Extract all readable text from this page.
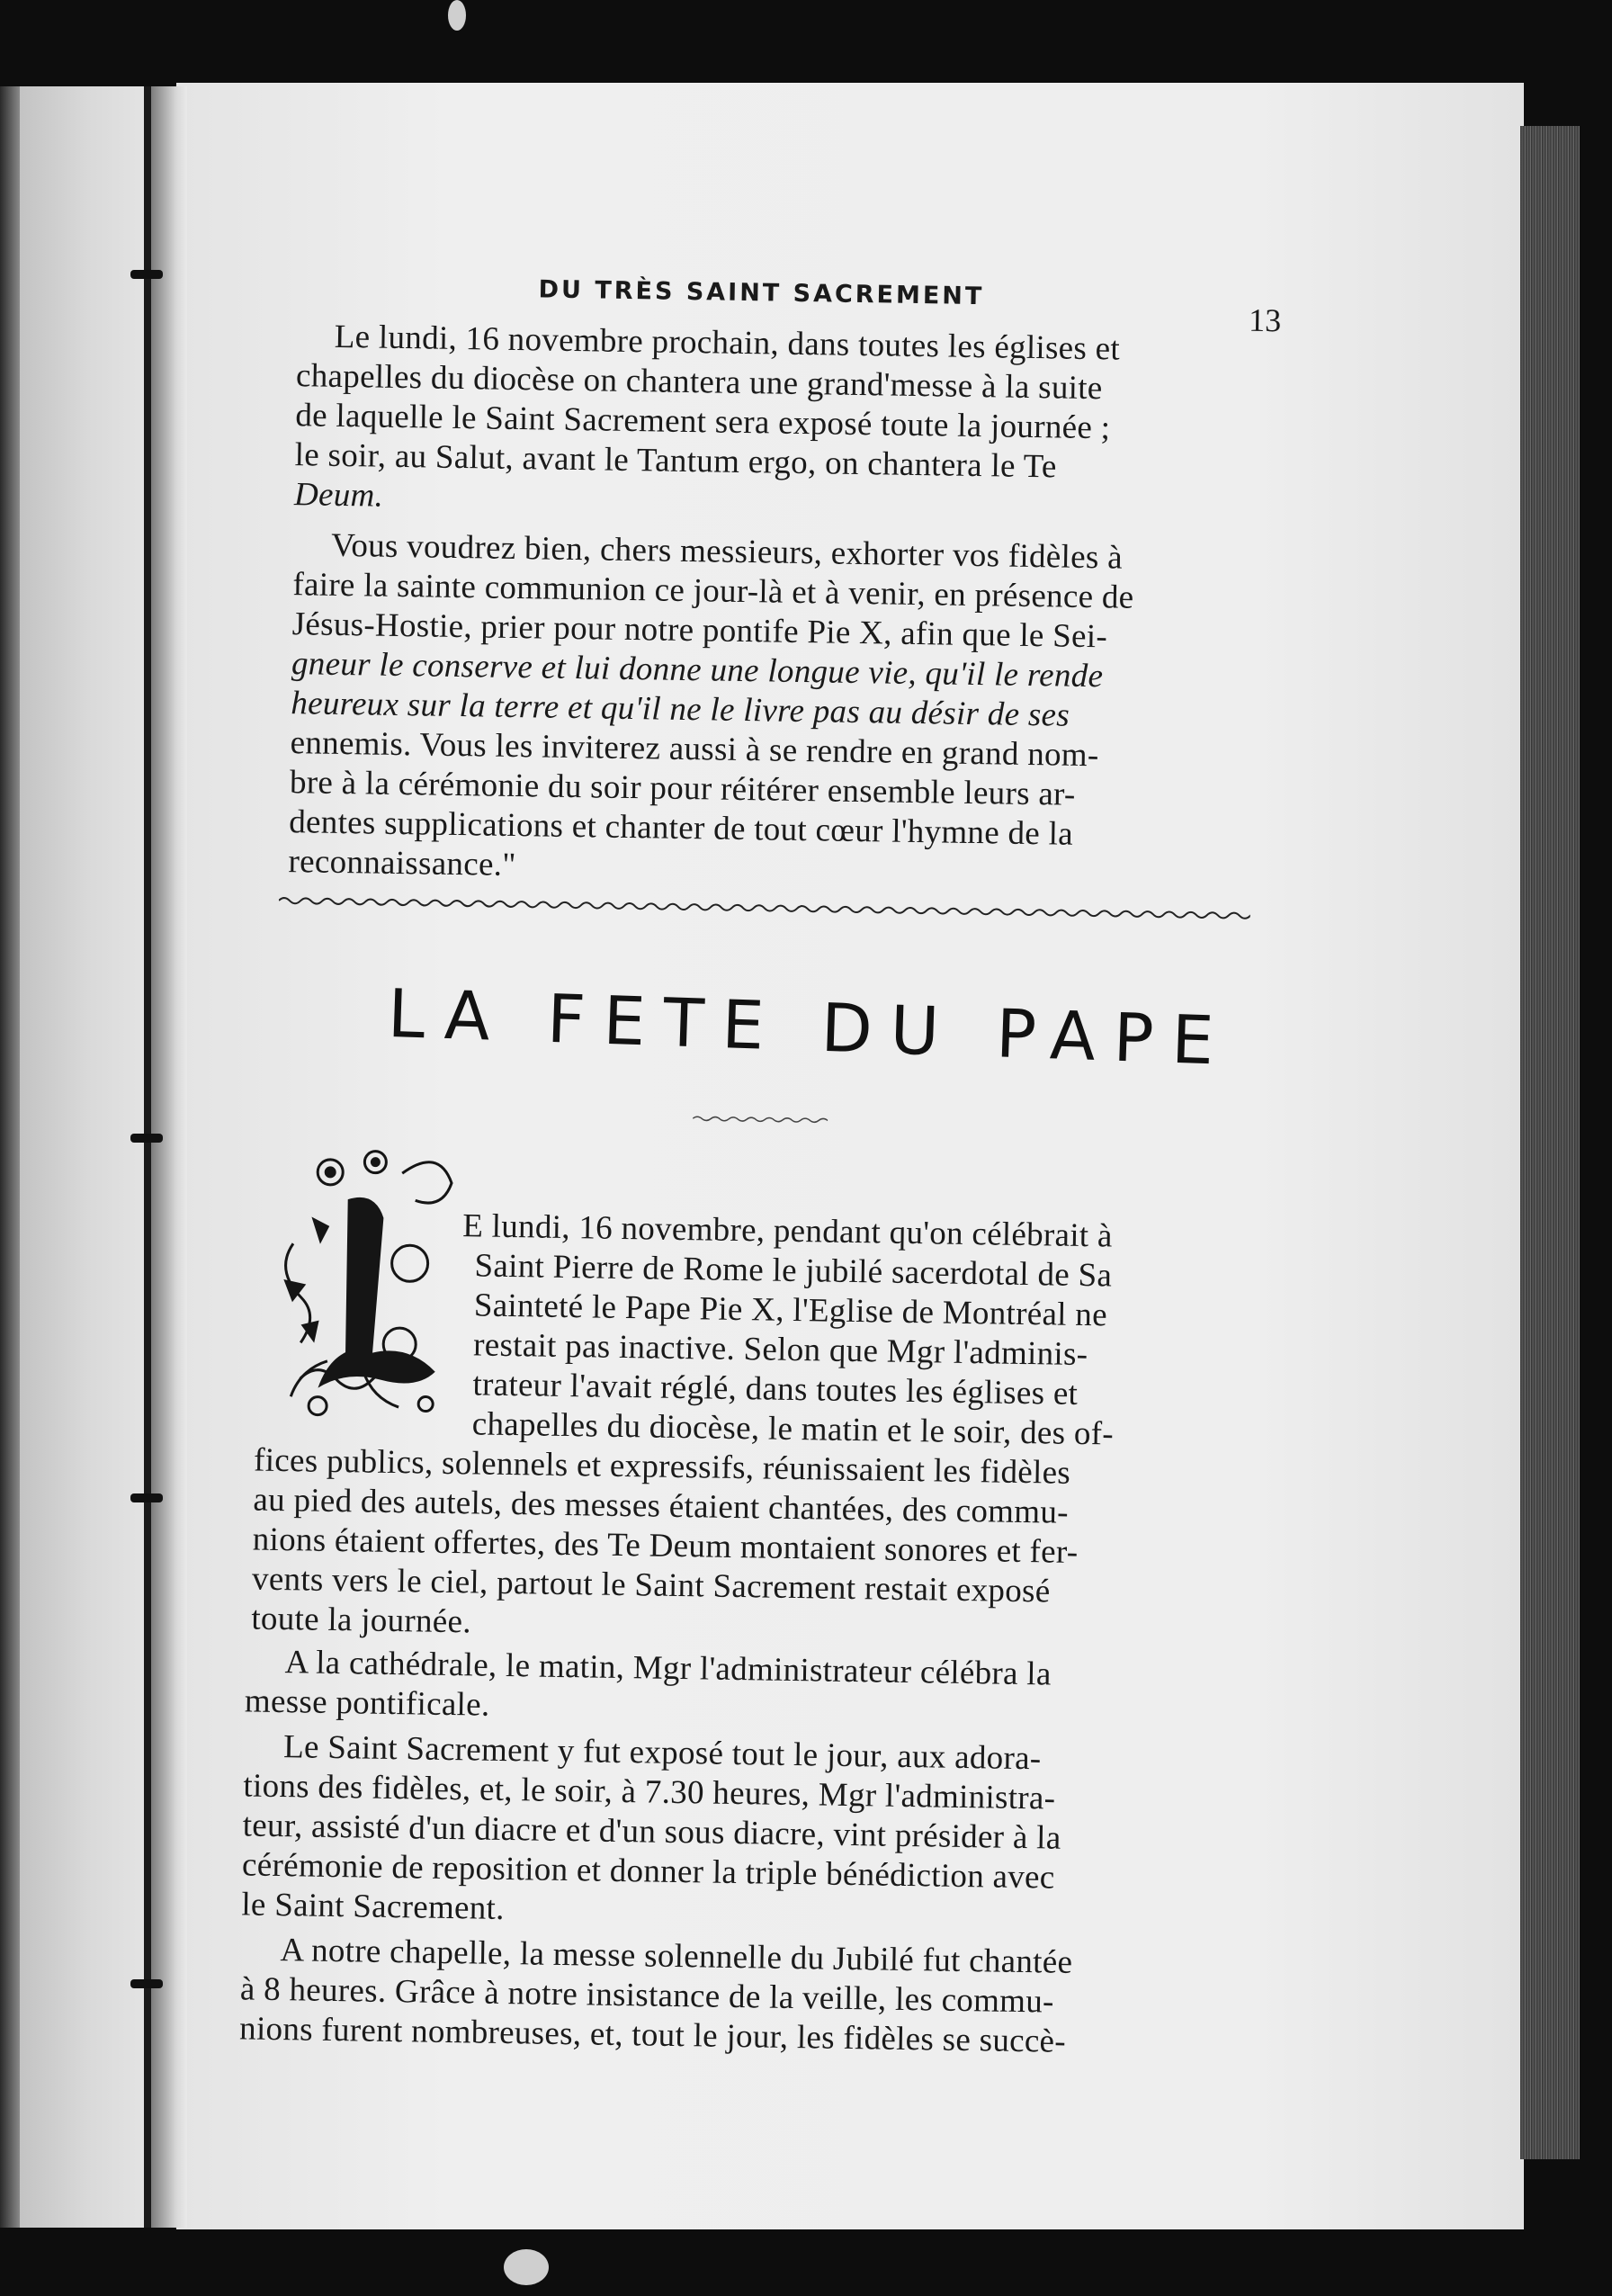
DU TRÈS SAINT SACREMENT
13
Le lundi, 16 novembre prochain, dans toutes les églises et
chapelles du diocèse on chantera une grand'messe à la suite
de laquelle le Saint Sacrement sera exposé toute la journée ;
le soir, au Salut, avant le Tantum ergo, on chantera le Te
Deum.
Vous voudrez bien, chers messieurs, exhorter vos fidèles à
faire la sainte communion ce jour-là et à venir, en présence de
Jésus-Hostie, prier pour notre pontife Pie X, afin que le Sei-
gneur le conserve et lui donne une longue vie, qu'il le rende
heureux sur la terre et qu'il ne le livre pas au désir de ses
ennemis. Vous les inviterez aussi à se rendre en grand nom-
bre à la cérémonie du soir pour réitérer ensemble leurs ar-
dentes supplications et chanter de tout cœur l'hymne de la
reconnaissance."
LA FETE DU PAPE
E lundi, 16 novembre, pendant qu'on célébrait à
Saint Pierre de Rome le jubilé sacerdotal de Sa
Sainteté le Pape Pie X, l'Eglise de Montréal ne
restait pas inactive. Selon que Mgr l'adminis-
trateur l'avait réglé, dans toutes les églises et
chapelles du diocèse, le matin et le soir, des of-
fices publics, solennels et expressifs, réunissaient les fidèles
au pied des autels, des messes étaient chantées, des commu-
nions étaient offertes, des Te Deum montaient sonores et fer-
vents vers le ciel, partout le Saint Sacrement restait exposé
toute la journée.
A la cathédrale, le matin, Mgr l'administrateur célébra la
messe pontificale.
Le Saint Sacrement y fut exposé tout le jour, aux adora-
tions des fidèles, et, le soir, à 7.30 heures, Mgr l'administra-
teur, assisté d'un diacre et d'un sous diacre, vint présider à la
cérémonie de reposition et donner la triple bénédiction avec
le Saint Sacrement.
A notre chapelle, la messe solennelle du Jubilé fut chantée
à 8 heures. Grâce à notre insistance de la veille, les commu-
nions furent nombreuses, et, tout le jour, les fidèles se succè-
